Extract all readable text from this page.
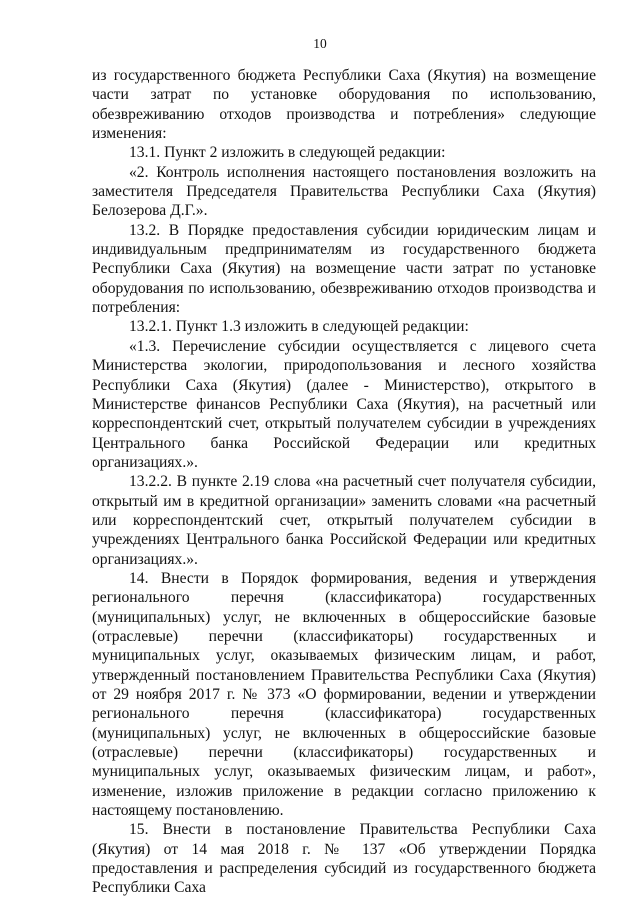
10

из государственного бюджета Республики Саха (Якутия) на возмещение части затрат по установке оборудования по использованию, обезвреживанию отходов производства и потребления» следующие изменения:

13.1. Пункт 2 изложить в следующей редакции:

«2. Контроль исполнения настоящего постановления возложить на заместителя Председателя Правительства Республики Саха (Якутия) Белозерова Д.Г.».

13.2. В Порядке предоставления субсидии юридическим лицам и индивидуальным предпринимателям из государственного бюджета Республики Саха (Якутия) на возмещение части затрат по установке оборудования по использованию, обезвреживанию отходов производства и потребления:

13.2.1. Пункт 1.3 изложить в следующей редакции:

«1.3. Перечисление субсидии осуществляется с лицевого счета Министерства экологии, природопользования и лесного хозяйства Республики Саха (Якутия) (далее - Министерство), открытого в Министерстве финансов Республики Саха (Якутия), на расчетный или корреспондентский счет, открытый получателем субсидии в учреждениях Центрального банка Российской Федерации или кредитных организациях.».

13.2.2. В пункте 2.19 слова «на расчетный счет получателя субсидии, открытый им в кредитной организации» заменить словами «на расчетный или корреспондентский счет, открытый получателем субсидии в учреждениях Центрального банка Российской Федерации или кредитных организациях.».

14. Внести в Порядок формирования, ведения и утверждения регионального перечня (классификатора) государственных (муниципальных) услуг, не включенных в общероссийские базовые (отраслевые) перечни (классификаторы) государственных и муниципальных услуг, оказываемых физическим лицам, и работ, утвержденный постановлением Правительства Республики Саха (Якутия) от 29 ноября 2017 г. № 373 «О формировании, ведении и утверждении регионального перечня (классификатора) государственных (муниципальных) услуг, не включенных в общероссийские базовые (отраслевые) перечни (классификаторы) государственных и муниципальных услуг, оказываемых физическим лицам, и работ», изменение, изложив приложение в редакции согласно приложению к настоящему постановлению.

15. Внести в постановление Правительства Республики Саха (Якутия) от 14 мая 2018 г. № 137 «Об утверждении Порядка предоставления и распределения субсидий из государственного бюджета Республики Саха
